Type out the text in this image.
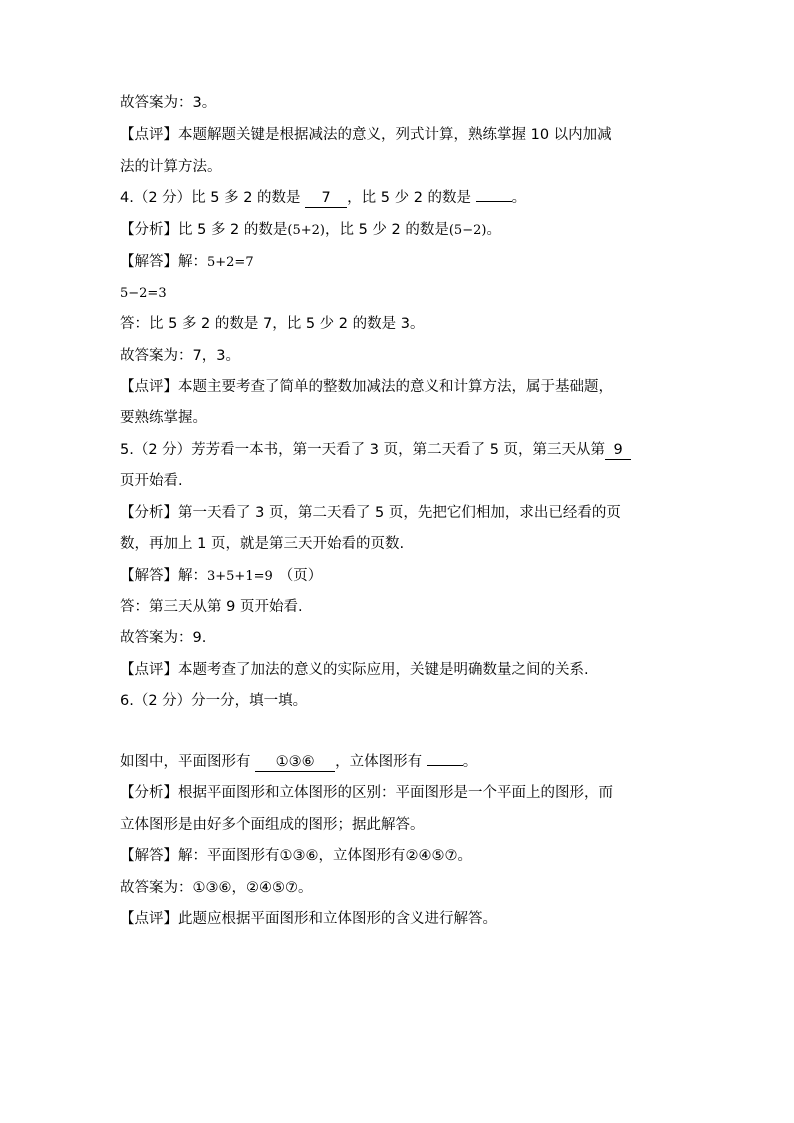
故答案为：3。
【点评】本题解题关键是根据减法的意义，列式计算，熟练掌握 10 以内加减
法的计算方法。
4.（2 分）比 5 多 2 的数是 7 ，比 5 少 2 的数是 。
【分析】比 5 多 2 的数是(5+2)，比 5 少 2 的数是(5−2)。
【解答】解：5+2=7
5−2=3
答：比 5 多 2 的数是 7，比 5 少 2 的数是 3。
故答案为：7，3。
【点评】本题主要考查了简单的整数加减法的意义和计算方法，属于基础题，
要熟练掌握。
5.（2 分）芳芳看一本书，第一天看了 3 页，第二天看了 5 页，第三天从第 9
页开始看.
【分析】第一天看了 3 页，第二天看了 5 页，先把它们相加，求出已经看的页
数，再加上 1 页，就是第三天开始看的页数.
【解答】解：3+5+1=9 （页）
答：第三天从第 9 页开始看.
故答案为：9.
【点评】本题考查了加法的意义的实际应用，关键是明确数量之间的关系.
6.（2 分）分一分，填一填。
如图中，平面图形有 ①③⑥ ，立体图形有 。
【分析】根据平面图形和立体图形的区别：平面图形是一个平面上的图形，而
立体图形是由好多个面组成的图形；据此解答。
【解答】解：平面图形有①③⑥，立体图形有②④⑤⑦。
故答案为：①③⑥，②④⑤⑦。
【点评】此题应根据平面图形和立体图形的含义进行解答。
